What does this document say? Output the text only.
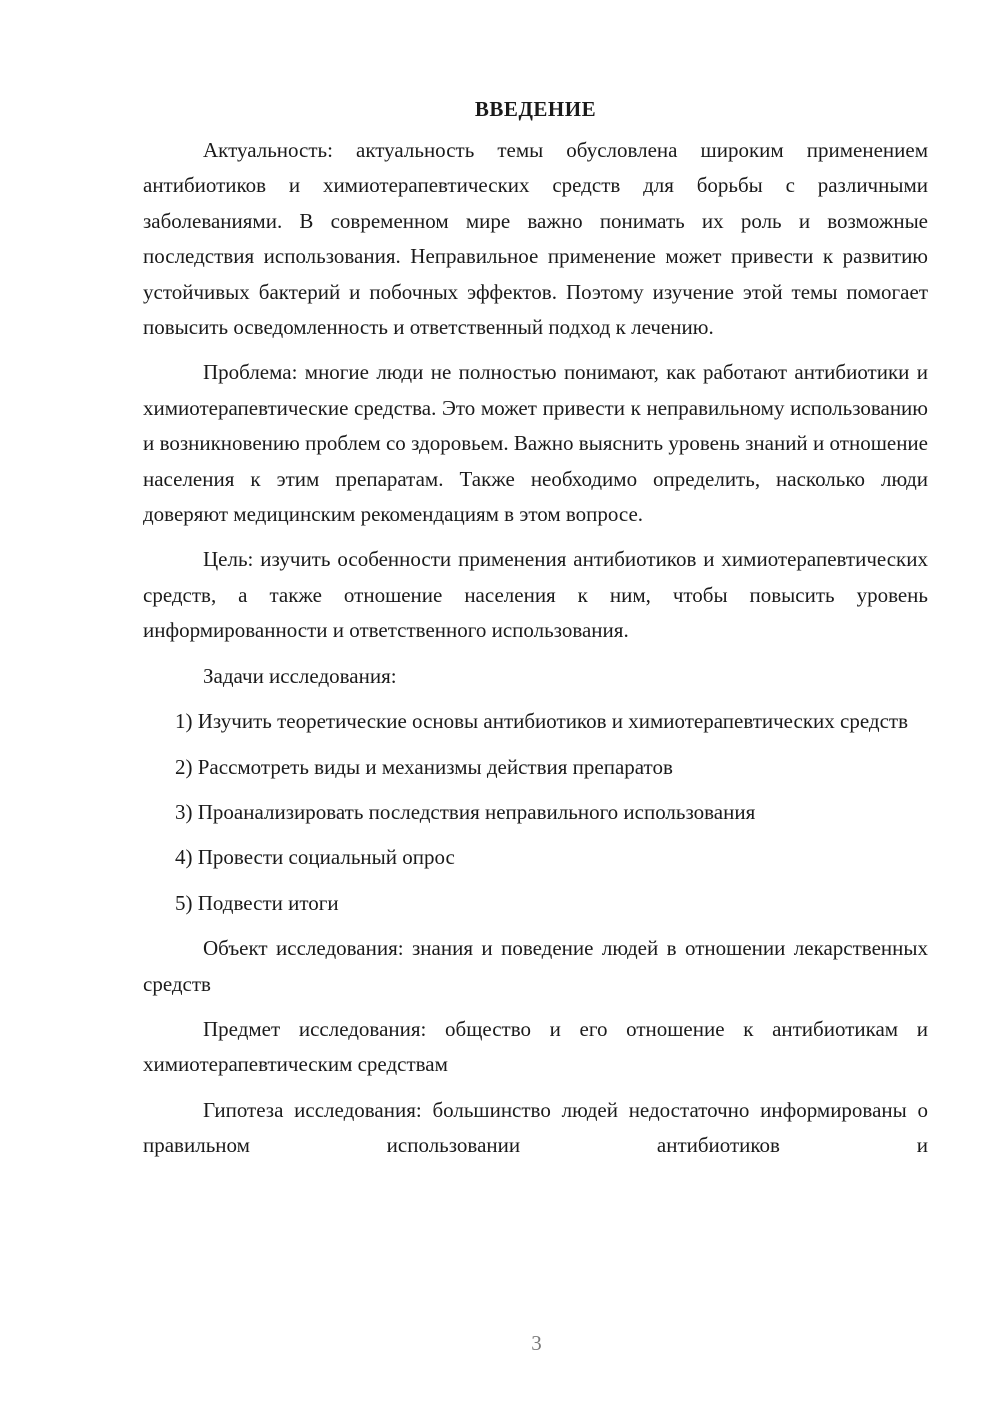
ВВЕДЕНИЕ

Актуальность: актуальность темы обусловлена широким применением антибиотиков и химиотерапевтических средств для борьбы с различными заболеваниями. В современном мире важно понимать их роль и возможные последствия использования. Неправильное применение может привести к развитию устойчивых бактерий и побочных эффектов. Поэтому изучение этой темы помогает повысить осведомленность и ответственный подход к лечению.

Проблема: многие люди не полностью понимают, как работают антибиотики и химиотерапевтические средства. Это может привести к неправильному использованию и возникновению проблем со здоровьем. Важно выяснить уровень знаний и отношение населения к этим препаратам. Также необходимо определить, насколько люди доверяют медицинским рекомендациям в этом вопросе.

Цель: изучить особенности применения антибиотиков и химиотерапевтических средств, а также отношение населения к ним, чтобы повысить уровень информированности и ответственного использования.

Задачи исследования:

1) Изучить теоретические основы антибиотиков и химиотерапевтических средств

2) Рассмотреть виды и механизмы действия препаратов

3) Проанализировать последствия неправильного использования

4) Провести социальный опрос

5) Подвести итоги

Объект исследования: знания и поведение людей в отношении лекарственных средств

Предмет исследования: общество и его отношение к антибиотикам и химиотерапевтическим средствам

Гипотеза исследования: большинство людей недостаточно информированы о правильном использовании антибиотиков и

3
